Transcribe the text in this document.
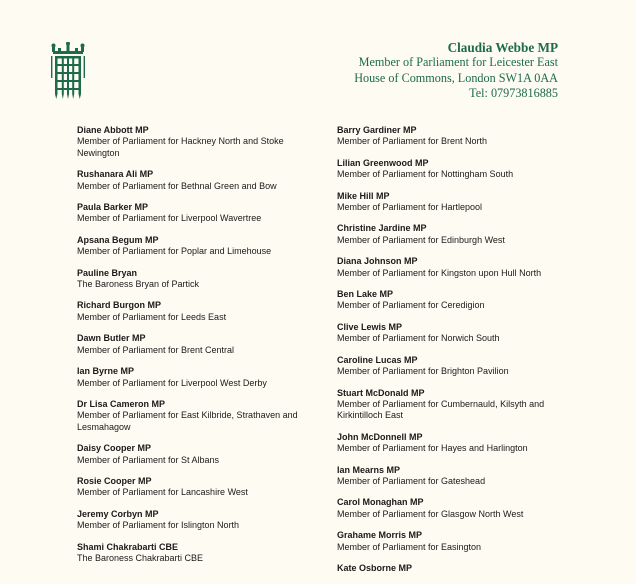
Claudia Webbe MP
Member of Parliament for Leicester East
House of Commons, London SW1A 0AA
Tel: 07973816885
Diane Abbott MP
Member of Parliament for Hackney North and Stoke Newington
Rushanara Ali MP
Member of Parliament for Bethnal Green and Bow
Paula Barker MP
Member of Parliament for Liverpool Wavertree
Apsana Begum MP
Member of Parliament for Poplar and Limehouse
Pauline Bryan
The Baroness Bryan of Partick
Richard Burgon MP
Member of Parliament for Leeds East
Dawn Butler MP
Member of Parliament for Brent Central
Ian Byrne MP
Member of Parliament for Liverpool West Derby
Dr Lisa Cameron MP
Member of Parliament for East Kilbride, Strathaven and Lesmahagow
Daisy Cooper MP
Member of Parliament for St Albans
Rosie Cooper MP
Member of Parliament for Lancashire West
Jeremy Corbyn MP
Member of Parliament for Islington North
Shami Chakrabarti CBE
The Baroness Chakrabarti CBE
Barry Gardiner MP
Member of Parliament for Brent North
Lilian Greenwood MP
Member of Parliament for Nottingham South
Mike Hill MP
Member of Parliament for Hartlepool
Christine Jardine MP
Member of Parliament for Edinburgh West
Diana Johnson MP
Member of Parliament for Kingston upon Hull North
Ben Lake MP
Member of Parliament for Ceredigion
Clive Lewis MP
Member of Parliament for Norwich South
Caroline Lucas MP
Member of Parliament for Brighton Pavilion
Stuart McDonald MP
Member of Parliament for Cumbernauld, Kilsyth and Kirkintilloch East
John McDonnell MP
Member of Parliament for Hayes and Harlington
Ian Mearns MP
Member of Parliament for Gateshead
Carol Monaghan MP
Member of Parliament for Glasgow North West
Grahame Morris MP
Member of Parliament for Easington
Kate Osborne MP
